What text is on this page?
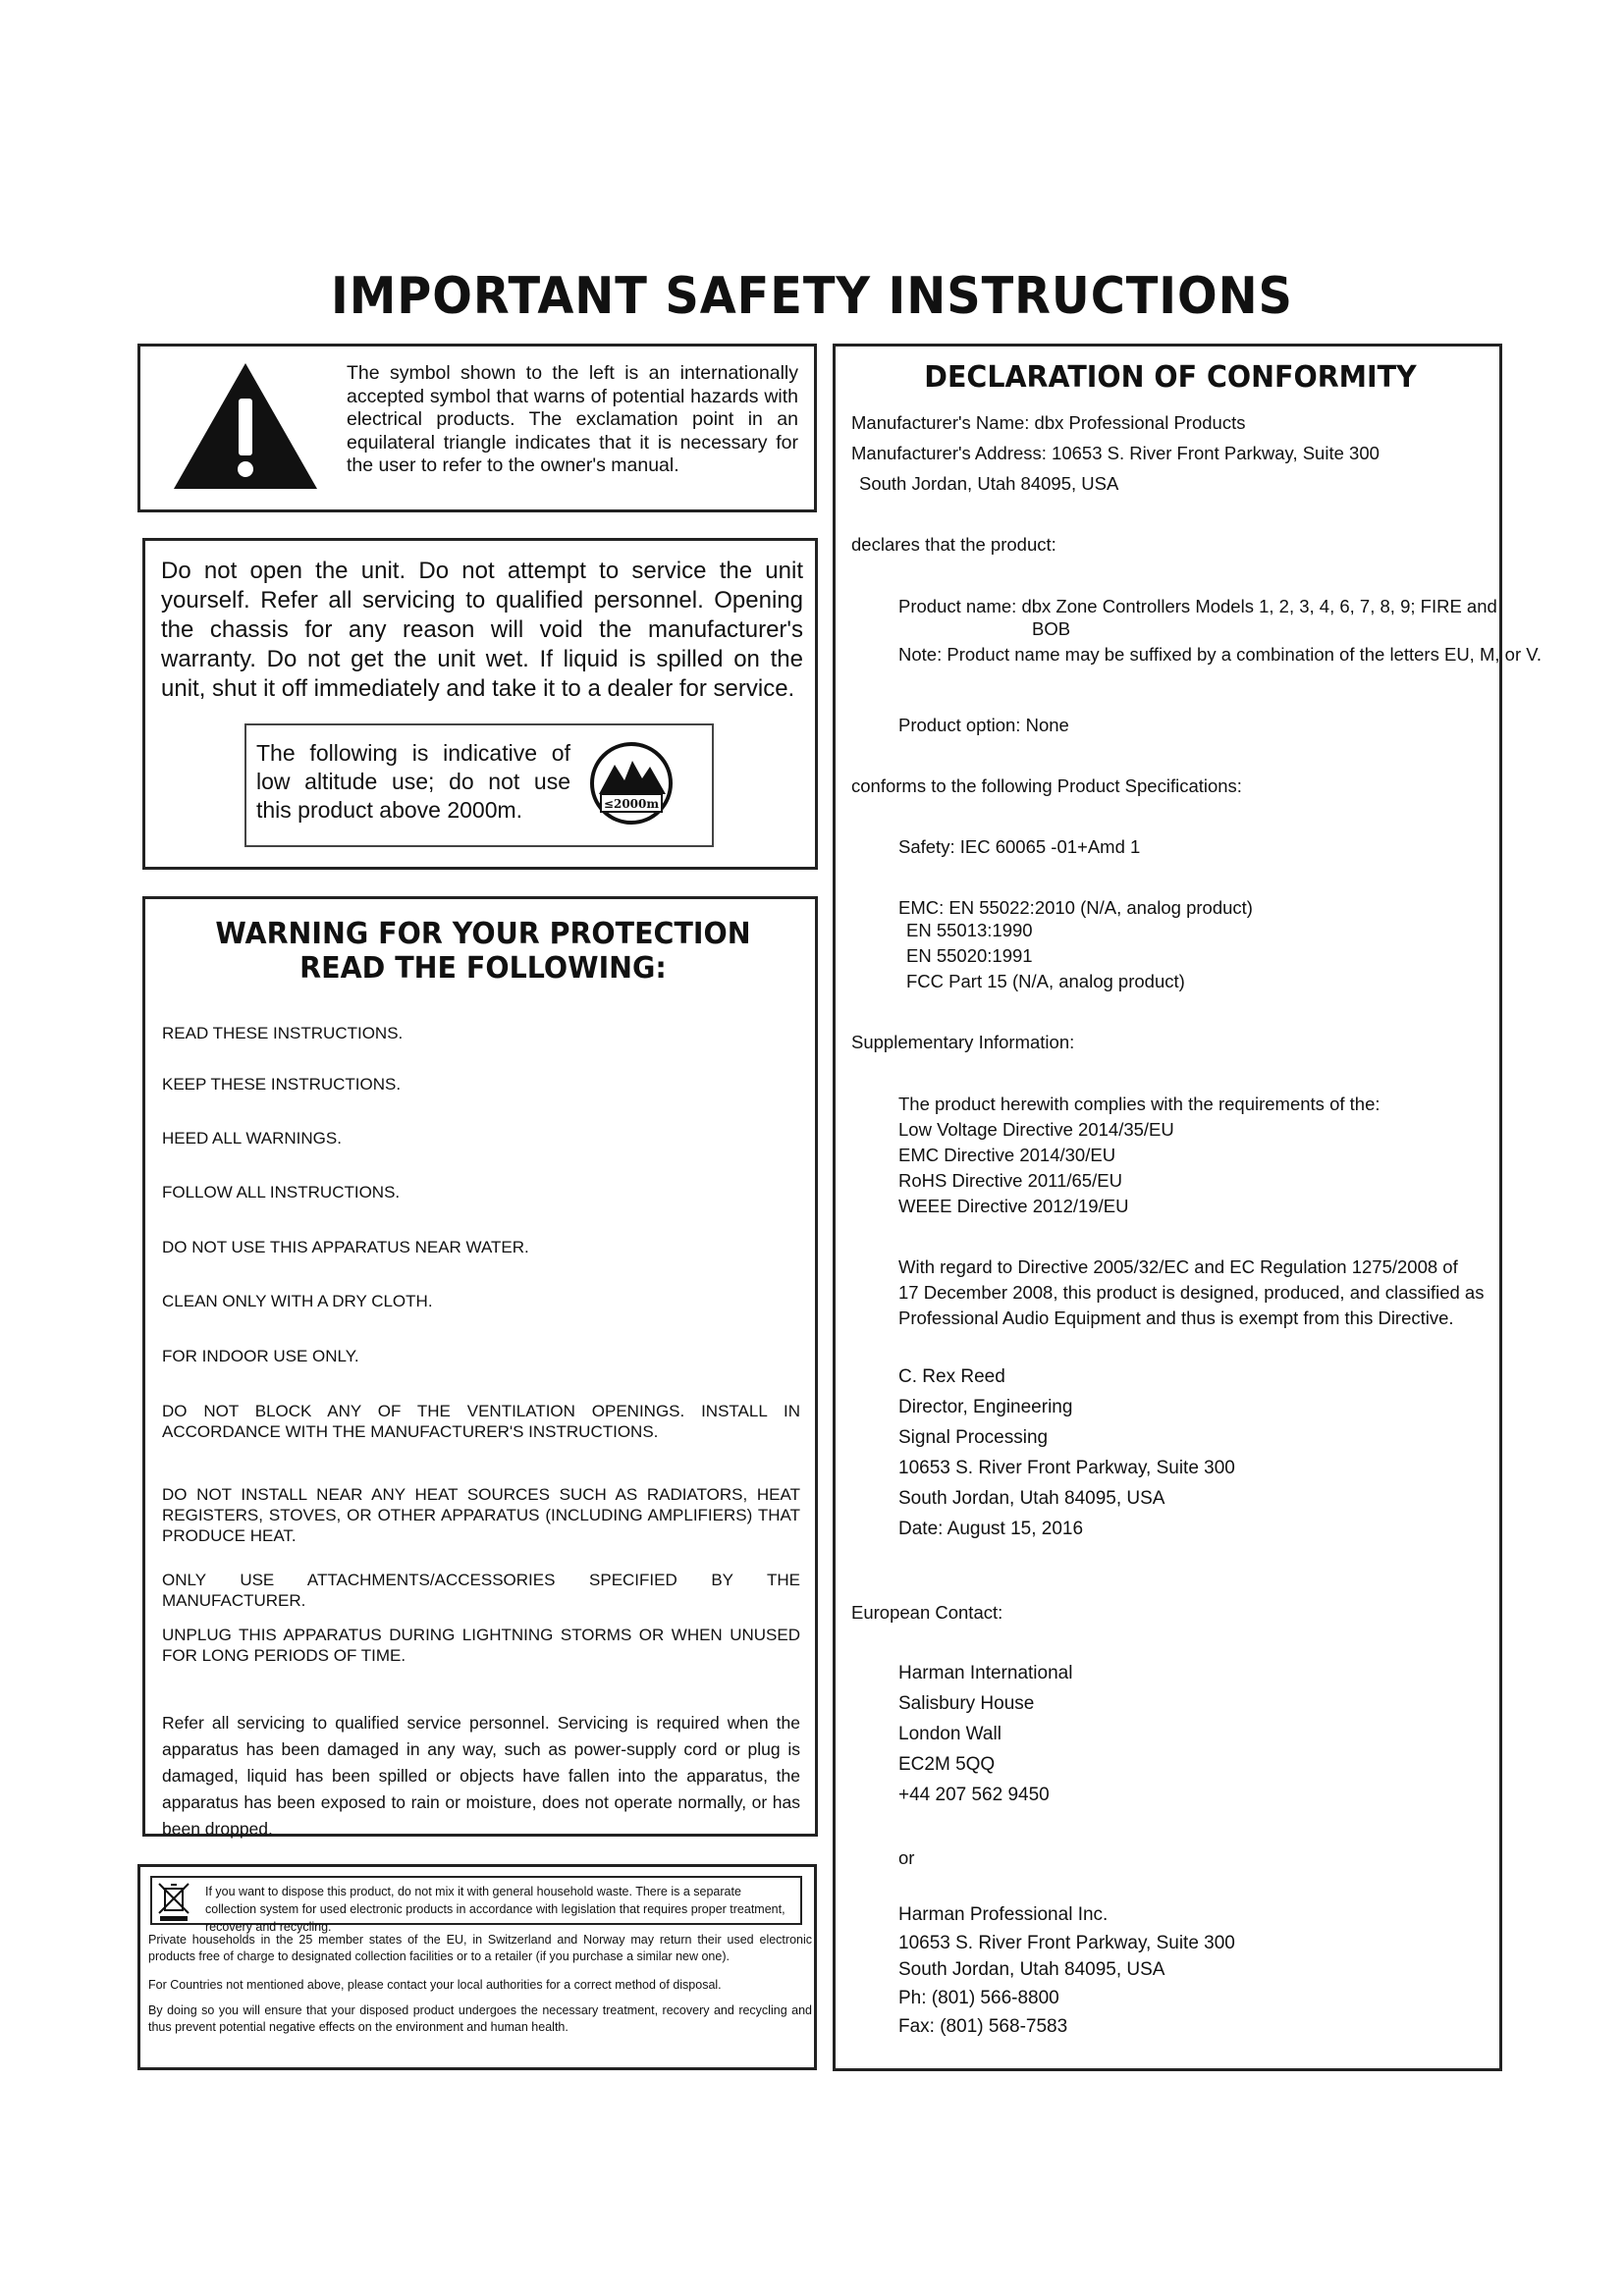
IMPORTANT SAFETY INSTRUCTIONS
The symbol shown to the left is an internationally accepted symbol that warns of potential hazards with electrical products. The exclamation point in an equilateral triangle indicates that it is necessary for the user to refer to the owner's manual.
Do not open the unit. Do not attempt to service the unit yourself. Refer all servicing to qualified personnel. Opening the chassis for any reason will void the manufacturer's warranty. Do not get the unit wet. If liquid is spilled on the unit, shut it off immediately and take it to a dealer for service.
The following is indicative of low altitude use; do not use this product above 2000m.	≤2000m
WARNING FOR YOUR PROTECTION
READ THE FOLLOWING:

READ THESE INSTRUCTIONS.

KEEP THESE INSTRUCTIONS.

HEED ALL WARNINGS.

FOLLOW ALL INSTRUCTIONS.

DO NOT USE THIS APPARATUS NEAR WATER.

CLEAN ONLY WITH A DRY CLOTH.

FOR INDOOR USE ONLY.

DO NOT BLOCK ANY OF THE VENTILATION OPENINGS. INSTALL IN ACCORDANCE WITH THE MANUFACTURER'S INSTRUCTIONS.

DO NOT INSTALL NEAR ANY HEAT SOURCES SUCH AS RADIATORS, HEAT REGISTERS, STOVES, OR OTHER APPARATUS (INCLUDING AMPLIFIERS) THAT PRODUCE HEAT.

ONLY USE ATTACHMENTS/ACCESSORIES SPECIFIED BY THE MANUFACTURER.

UNPLUG THIS APPARATUS DURING LIGHTNING STORMS OR WHEN UNUSED FOR LONG PERIODS OF TIME.

Refer all servicing to qualified service personnel. Servicing is required when the apparatus has been damaged in any way, such as power-supply cord or plug is damaged, liquid has been spilled or objects have fallen into the apparatus, the apparatus has been exposed to rain or moisture, does not operate normally, or has been dropped.

If you want to dispose this product, do not mix it with general household waste. There is a separate collection system for used electronic products in accordance with legislation that requires proper treatment, recovery and recycling.
Private households in the 25 member states of the EU, in Switzerland and Norway may return their used electronic products free of charge to designated collection facilities or to a retailer (if you purchase a similar new one).
For Countries not mentioned above, please contact your local authorities for a correct method of disposal.
By doing so you will ensure that your disposed product undergoes the necessary treatment, recovery and recycling and thus prevent potential negative effects on the environment and human health.
DECLARATION OF CONFORMITY
Manufacturer's Name: dbx Professional Products
Manufacturer's Address: 10653 S. River Front Parkway, Suite 300
South Jordan, Utah 84095, USA
declares that the product:
Product name: dbx Zone Controllers Models 1, 2, 3, 4, 6, 7, 8, 9; FIRE and
BOB
Note: Product name may be suffixed by a combination of the letters EU, M, or V.
Product option: None
conforms to the following Product Specifications:
Safety: IEC 60065 -01+Amd 1
EMC: EN 55022:2010 (N/A, analog product)
EN 55013:1990
EN 55020:1991
FCC Part 15 (N/A, analog product)
Supplementary Information:
The product herewith complies with the requirements of the:
Low Voltage Directive 2014/35/EU
EMC Directive 2014/30/EU
RoHS Directive 2011/65/EU
WEEE Directive 2012/19/EU
With regard to Directive 2005/32/EC and EC Regulation 1275/2008 of
17 December 2008, this product is designed, produced, and classified as
Professional Audio Equipment and thus is exempt from this Directive.
C. Rex Reed
Director, Engineering
Signal Processing
10653 S. River Front Parkway, Suite 300
South Jordan, Utah 84095, USA
Date: August 15, 2016
European Contact:
Harman International
Salisbury House
London Wall
EC2M 5QQ
+44 207 562 9450
or
Harman Professional Inc.
10653 S. River Front Parkway, Suite 300
South Jordan, Utah 84095, USA
Ph: (801) 566-8800
Fax: (801) 568-7583
